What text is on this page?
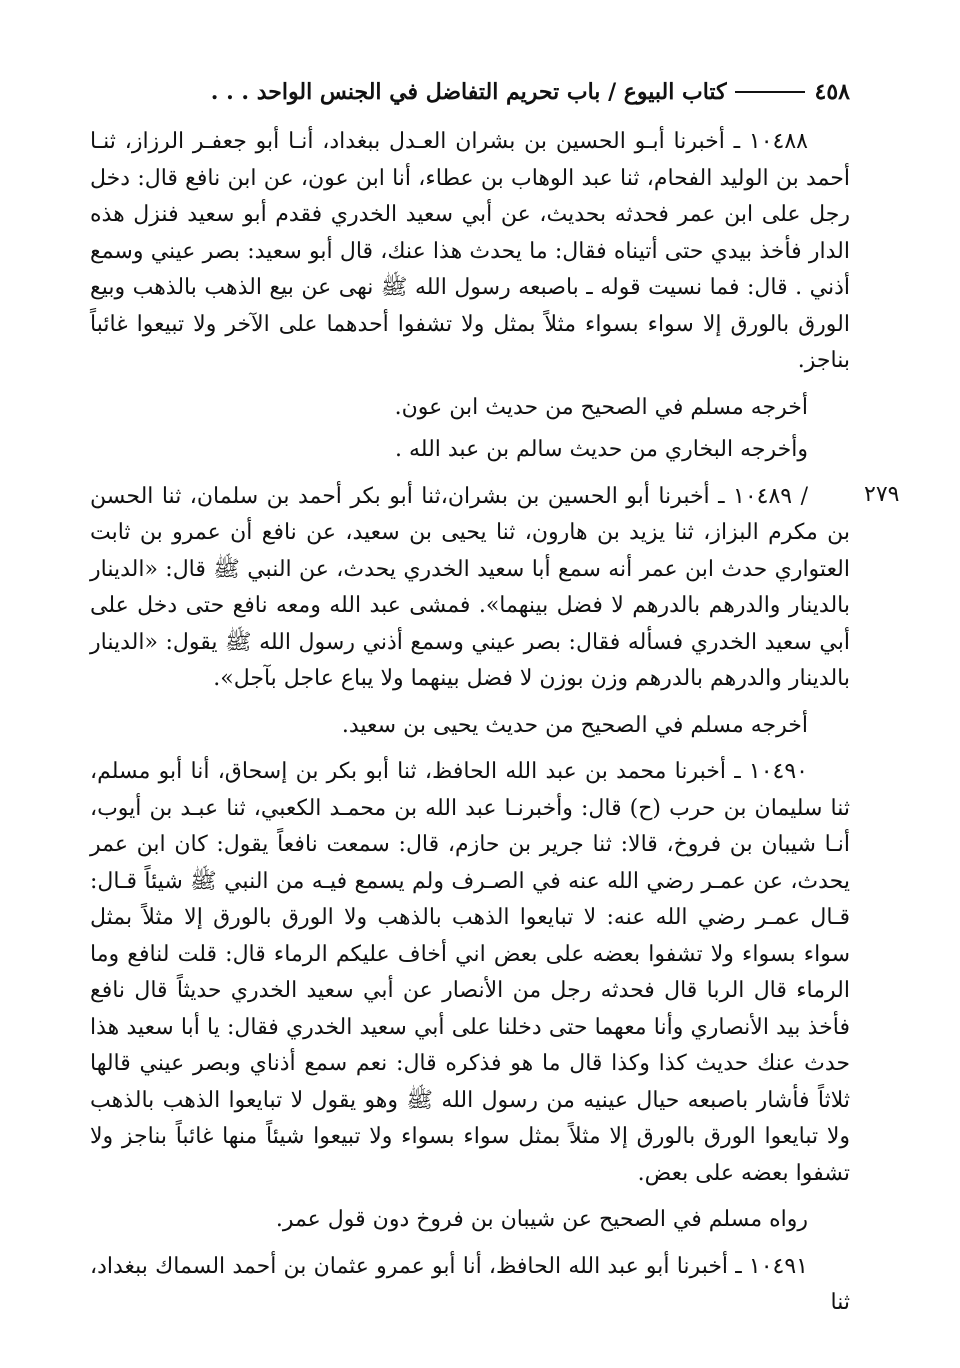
٤٥٨
كتاب البيوع / باب تحريم التفاضل في الجنس الواحد . . .
٢٧٩

١٠٤٨٨ ـ أخبرنا أبـو الحسين بن بشران العـدل ببغداد، أنـا أبو جعفـر الرزاز، ثنـا أحمد بن الوليد الفحام، ثنا عبد الوهاب بن عطاء، أنا ابن عون، عن ابن نافع قال: دخل رجل على ابن عمر فحدثه بحديث، عن أبي سعيد الخدري فقدم أبو سعيد فنزل هذه الدار فأخذ بيدي حتى أتيناه فقال: ما يحدث هذا عنك، قال أبو سعيد: بصر عيني وسمع أذني . قال: فما نسيت قوله ـ باصبعه رسول الله ﷺ نهى عن بيع الذهب بالذهب وبيع الورق بالورق إلا سواء بسواء مثلاً بمثل ولا تشفوا أحدهما على الآخر ولا تبيعوا غائباً بناجز.

أخرجه مسلم في الصحيح من حديث ابن عون.

وأخرجه البخاري من حديث سالم بن عبد الله .

/ ١٠٤٨٩ ـ أخبرنا أبو الحسين بن بشران،ثنا أبو بكر أحمد بن سلمان، ثنا الحسن بن مكرم البزاز، ثنا يزيد بن هارون، ثنا يحيى بن سعيد، عن نافع أن عمرو بن ثابت العتواري حدث ابن عمر أنه سمع أبا سعيد الخدري يحدث، عن النبي ﷺ قال: «الدينار بالدينار والدرهم بالدرهم لا فضل بينهما». فمشى عبد الله ومعه نافع حتى دخل على أبي سعيد الخدري فسأله فقال: بصر عيني وسمع أذني رسول الله ﷺ يقول: «الدينار بالدينار والدرهم بالدرهم وزن بوزن لا فضل بينهما ولا يباع عاجل بآجل».

أخرجه مسلم في الصحيح من حديث يحيى بن سعيد.

١٠٤٩٠ ـ أخبرنا محمد بن عبد الله الحافظ، ثنا أبو بكر بن إسحاق، أنا أبو مسلم، ثنا سليمان بن حرب (ح) قال: وأخبرنـا عبد الله بن محمـد الكعبي، ثنا عبـد بن أيوب، أنـا شيبان بن فروخ، قالا: ثنا جرير بن حازم، قال: سمعت نافعاً يقول: كان ابن عمر يحدث، عن عمـر رضي الله عنه في الصـرف ولم يسمع فيـه من النبي ﷺ شيئاً قـال: قـال عمـر رضي الله عنه: لا تبايعوا الذهب بالذهب ولا الورق بالورق إلا مثلاً بمثل سواء بسواء ولا تشفوا بعضه على بعض اني أخاف عليكم الرماء قال: قلت لنافع وما الرماء قال الربا قال فحدثه رجل من الأنصار عن أبي سعيد الخدري حديثاً قال نافع فأخذ بيد الأنصاري وأنا معهما حتى دخلنا على أبي سعيد الخدري فقال: يا أبا سعيد هذا حدث عنك حديث كذا وكذا قال ما هو فذكره قال: نعم سمع أذناي وبصر عيني قالها ثلاثاً فأشار باصبعه حيال عينيه من رسول الله ﷺ وهو يقول لا تبايعوا الذهب بالذهب ولا تبايعوا الورق بالورق إلا مثلاً بمثل سواء بسواء ولا تبيعوا شيئاً منها غائباً بناجز ولا تشفوا بعضه على بعض.

رواه مسلم في الصحيح عن شيبان بن فروخ دون قول عمر.

١٠٤٩١ ـ أخبرنا أبو عبد الله الحافظ، أنا أبو عمرو عثمان بن أحمد السماك ببغداد، ثنا
